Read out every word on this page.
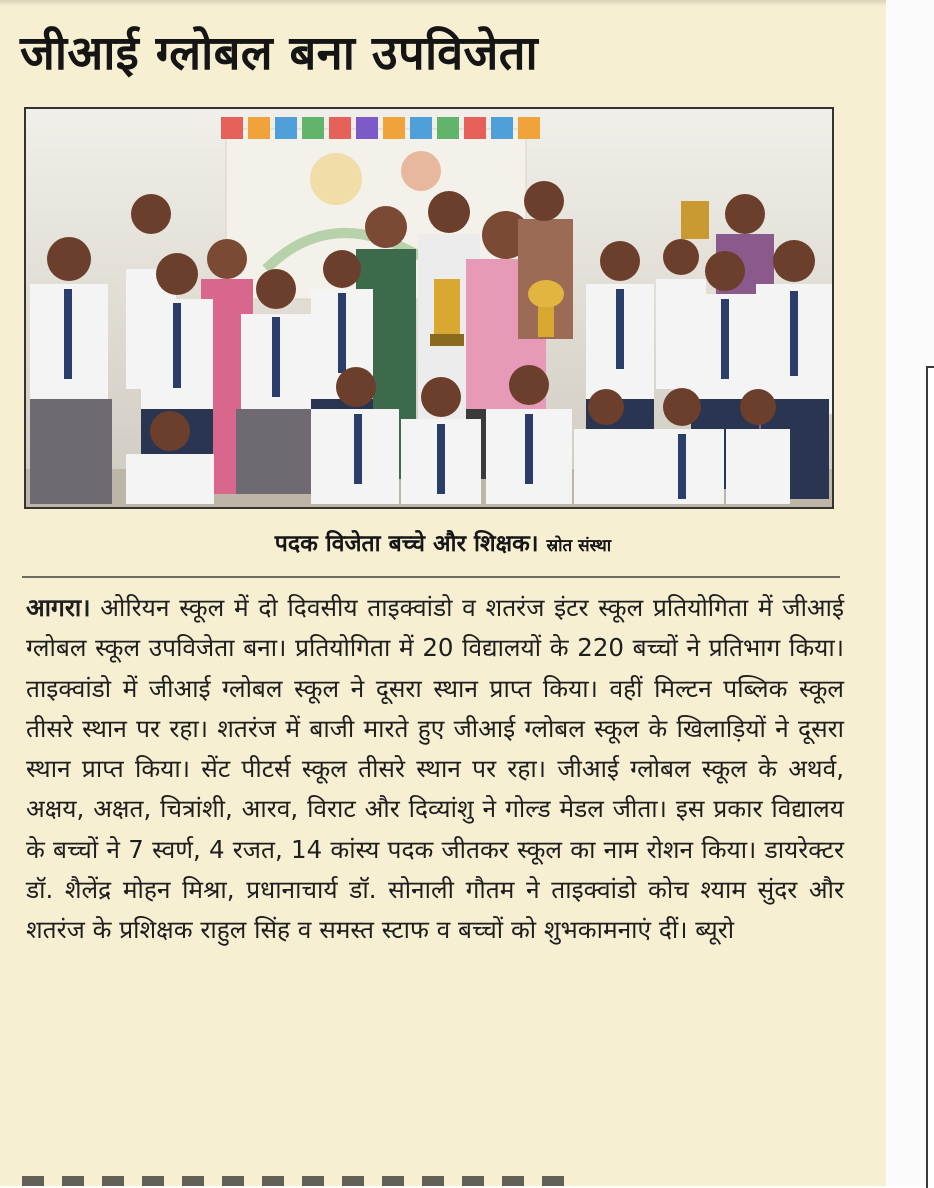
जीआई ग्लोबल बना उपविजेता
पदक विजेता बच्चे और शिक्षक। स्रोत संस्था

आगरा। ओरियन स्कूल में दो दिवसीय ताइक्वांडो व शतरंज इंटर स्कूल प्रतियोगिता में जीआई ग्लोबल स्कूल उपविजेता बना। प्रतियोगिता में 20 विद्यालयों के 220 बच्चों ने प्रतिभाग किया। ताइक्वांडो में जीआई ग्लोबल स्कूल ने दूसरा स्थान प्राप्त किया। वहीं मिल्टन पब्लिक स्कूल तीसरे स्थान पर रहा। शतरंज में बाजी मारते हुए जीआई ग्लोबल स्कूल के खिलाड़ियों ने दूसरा स्थान प्राप्त किया। सेंट पीटर्स स्कूल तीसरे स्थान पर रहा। जीआई ग्लोबल स्कूल के अथर्व, अक्षय, अक्षत, चित्रांशी, आरव, विराट और दिव्यांशु ने गोल्ड मेडल जीता। इस प्रकार विद्यालय के बच्चों ने 7 स्वर्ण, 4 रजत, 14 कांस्य पदक जीतकर स्कूल का नाम रोशन किया। डायरेक्टर डॉ. शैलेंद्र मोहन मिश्रा, प्रधानाचार्य डॉ. सोनाली गौतम ने ताइक्वांडो कोच श्याम सुंदर और शतरंज के प्रशिक्षक राहुल सिंह व समस्त स्टाफ व बच्चों को शुभकामनाएं दीं। ब्यूरो
